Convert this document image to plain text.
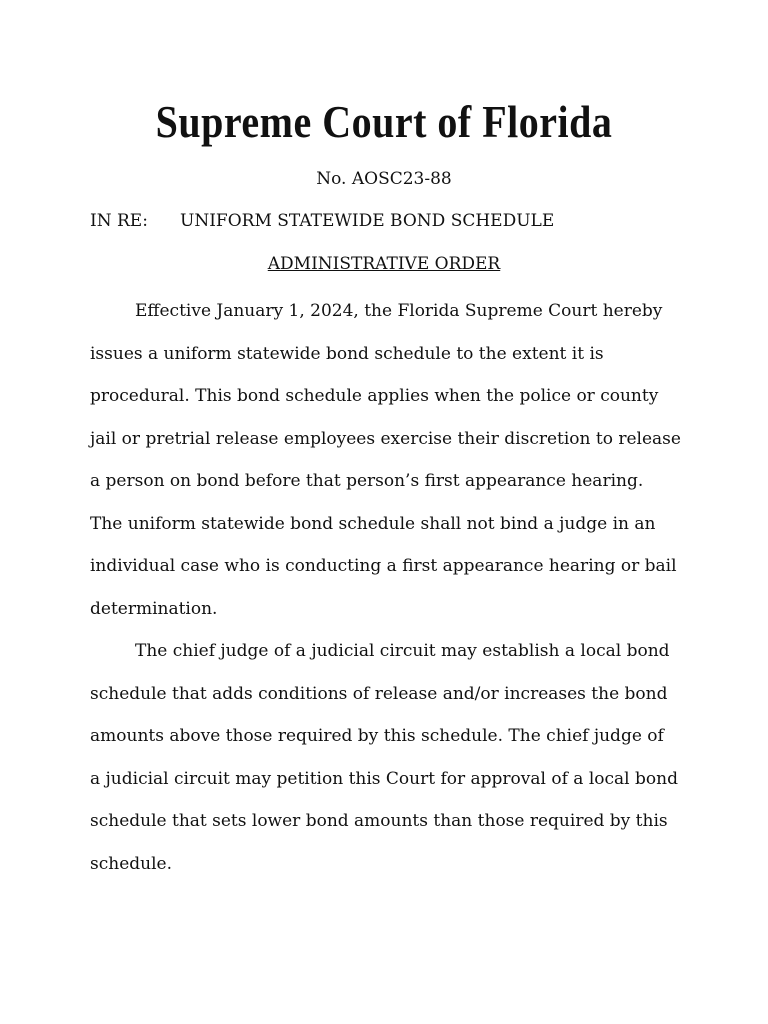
Supreme Court of Florida
No. AOSC23-88
IN RE: UNIFORM STATEWIDE BOND SCHEDULE
ADMINISTRATIVE ORDER
Effective January 1, 2024, the Florida Supreme Court hereby
issues a uniform statewide bond schedule to the extent it is
procedural. This bond schedule applies when the police or county
jail or pretrial release employees exercise their discretion to release
a person on bond before that person’s first appearance hearing.
The uniform statewide bond schedule shall not bind a judge in an
individual case who is conducting a first appearance hearing or bail
determination.
The chief judge of a judicial circuit may establish a local bond
schedule that adds conditions of release and/or increases the bond
amounts above those required by this schedule. The chief judge of
a judicial circuit may petition this Court for approval of a local bond
schedule that sets lower bond amounts than those required by this
schedule.
